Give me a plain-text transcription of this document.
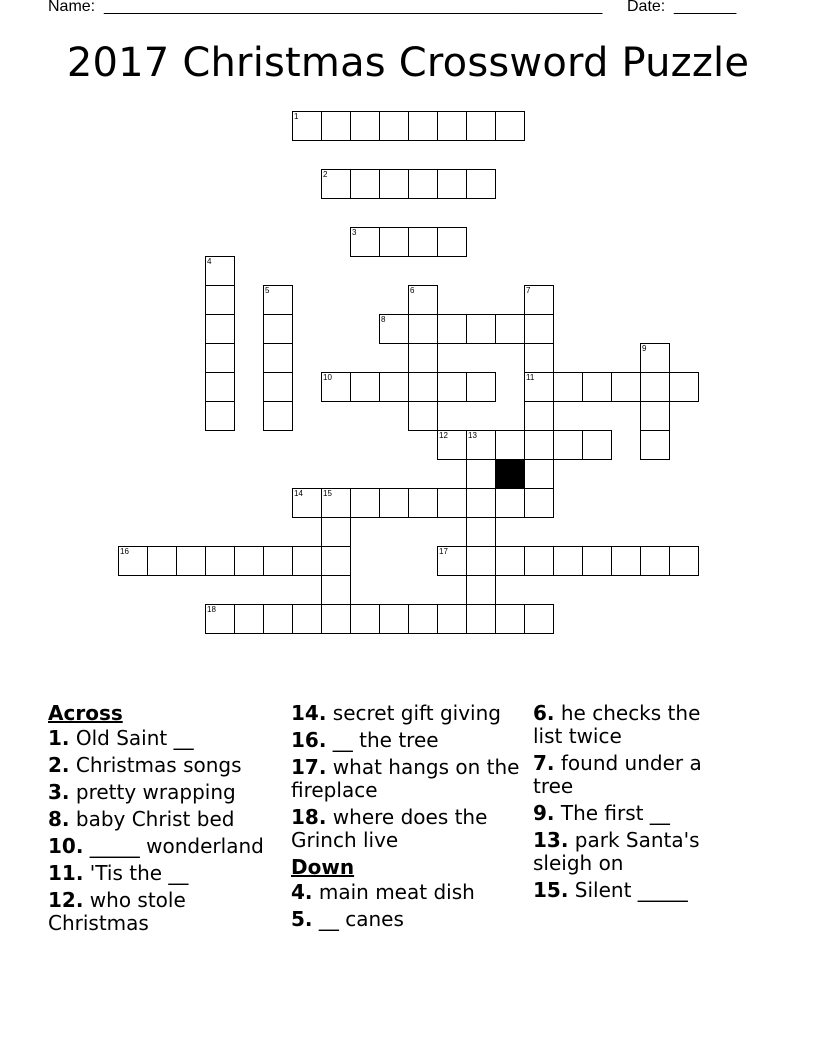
Name: ________________________________________________________ Date: _______
2017 Christmas Crossword Puzzle
1
2
3
4
5	6	7
11
8
9
10
12	13
14	15
16	17
18
Across
1. Old Saint __
2. Christmas songs
3. pretty wrapping
8. baby Christ bed
10. _____ wonderland
11. 'Tis the __
12. who stole Christmas
14. secret gift giving
16. __ the tree
17. what hangs on the fireplace
18. where does the Grinch live
Down
4. main meat dish
5. __ canes
6. he checks the list twice
7. found under a tree
9. The first __
13. park Santa's sleigh on
15. Silent _____
